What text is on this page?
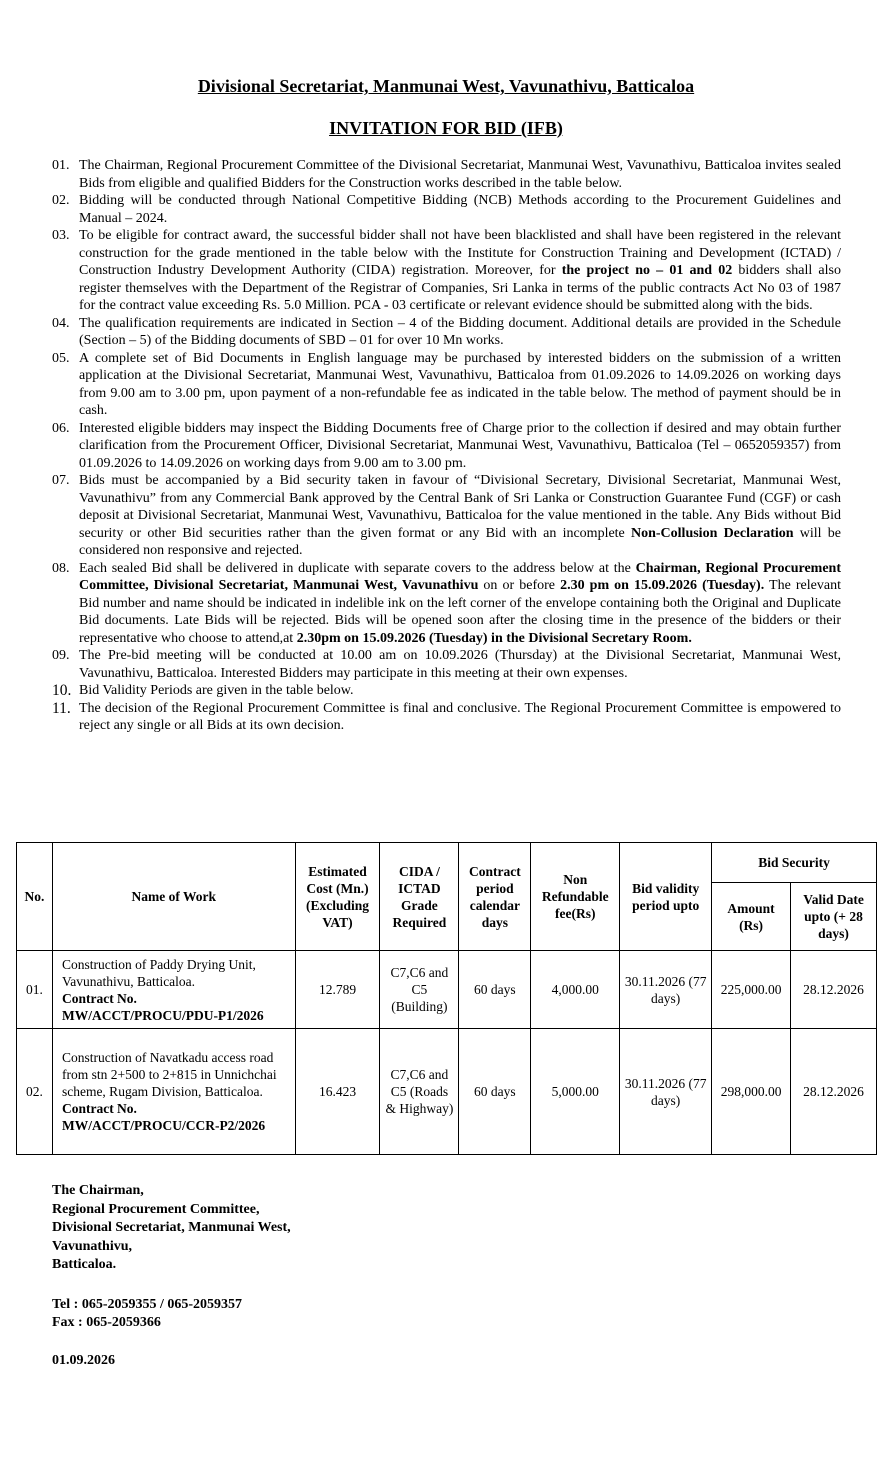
Divisional Secretariat, Manmunai West, Vavunathivu, Batticaloa
INVITATION FOR BID (IFB)
01. The Chairman, Regional Procurement Committee of the Divisional Secretariat, Manmunai West, Vavunathivu, Batticaloa invites sealed Bids from eligible and qualified Bidders for the Construction works described in the table below.
02. Bidding will be conducted through National Competitive Bidding (NCB) Methods according to the Procurement Guidelines and Manual – 2024.
03. To be eligible for contract award, the successful bidder shall not have been blacklisted and shall have been registered in the relevant construction for the grade mentioned in the table below with the Institute for Construction Training and Development (ICTAD) / Construction Industry Development Authority (CIDA) registration. Moreover, for the project no – 01 and 02 bidders shall also register themselves with the Department of the Registrar of Companies, Sri Lanka in terms of the public contracts Act No 03 of 1987 for the contract value exceeding Rs. 5.0 Million. PCA - 03 certificate or relevant evidence should be submitted along with the bids.
04. The qualification requirements are indicated in Section – 4 of the Bidding document. Additional details are provided in the Schedule (Section – 5) of the Bidding documents of SBD – 01 for over 10 Mn works.
05. A complete set of Bid Documents in English language may be purchased by interested bidders on the submission of a written application at the Divisional Secretariat, Manmunai West, Vavunathivu, Batticaloa from 01.09.2026 to 14.09.2026 on working days from 9.00 am to 3.00 pm, upon payment of a non-refundable fee as indicated in the table below. The method of payment should be in cash.
06. Interested eligible bidders may inspect the Bidding Documents free of Charge prior to the collection if desired and may obtain further clarification from the Procurement Officer, Divisional Secretariat, Manmunai West, Vavunathivu, Batticaloa (Tel – 0652059357) from 01.09.2026 to 14.09.2026 on working days from 9.00 am to 3.00 pm.
07. Bids must be accompanied by a Bid security taken in favour of “Divisional Secretary, Divisional Secretariat, Manmunai West, Vavunathivu” from any Commercial Bank approved by the Central Bank of Sri Lanka or Construction Guarantee Fund (CGF) or cash deposit at Divisional Secretariat, Manmunai West, Vavunathivu, Batticaloa for the value mentioned in the table. Any Bids without Bid security or other Bid securities rather than the given format or any Bid with an incomplete Non-Collusion Declaration will be considered non responsive and rejected.
08. Each sealed Bid shall be delivered in duplicate with separate covers to the address below at the Chairman, Regional Procurement Committee, Divisional Secretariat, Manmunai West, Vavunathivu on or before 2.30 pm on 15.09.2026 (Tuesday). The relevant Bid number and name should be indicated in indelible ink on the left corner of the envelope containing both the Original and Duplicate Bid documents. Late Bids will be rejected. Bids will be opened soon after the closing time in the presence of the bidders or their representative who choose to attend,at 2.30pm on 15.09.2026 (Tuesday) in the Divisional Secretary Room.
09. The Pre-bid meeting will be conducted at 10.00 am on 10.09.2026 (Thursday) at the Divisional Secretariat, Manmunai West, Vavunathivu, Batticaloa. Interested Bidders may participate in this meeting at their own expenses.
10. Bid Validity Periods are given in the table below.
11. The decision of the Regional Procurement Committee is final and conclusive. The Regional Procurement Committee is empowered to reject any single or all Bids at its own decision.
No.	Name of Work	Estimated Cost (Mn.) (Excluding VAT)	CIDA / ICTAD Grade Required	Contract period calendar days	Non Refundable fee(Rs)	Bid validity period upto	Bid Security	
							Amount (Rs)	Valid Date upto (+ 28 days)
01.	Construction of Paddy Drying Unit, Vavunathivu, Batticaloa.
Contract No.
MW/ACCT/PROCU/PDU-P1/2026	12.789	C7,C6 and C5 (Building)	60 days	4,000.00	30.11.2026 (77 days)	225,000.00	28.12.2026
02.	Construction of Navatkadu access road from stn 2+500 to 2+815 in Unnichchai scheme, Rugam Division, Batticaloa.
Contract No.
MW/ACCT/PROCU/CCR-P2/2026	16.423	C7,C6 and C5 (Roads & Highway)	60 days	5,000.00	30.11.2026 (77 days)	298,000.00	28.12.2026
The Chairman,
Regional Procurement Committee,
Divisional Secretariat, Manmunai West,
Vavunathivu,
Batticaloa.
Tel : 065-2059355 / 065-2059357
Fax : 065-2059366
01.09.2026
